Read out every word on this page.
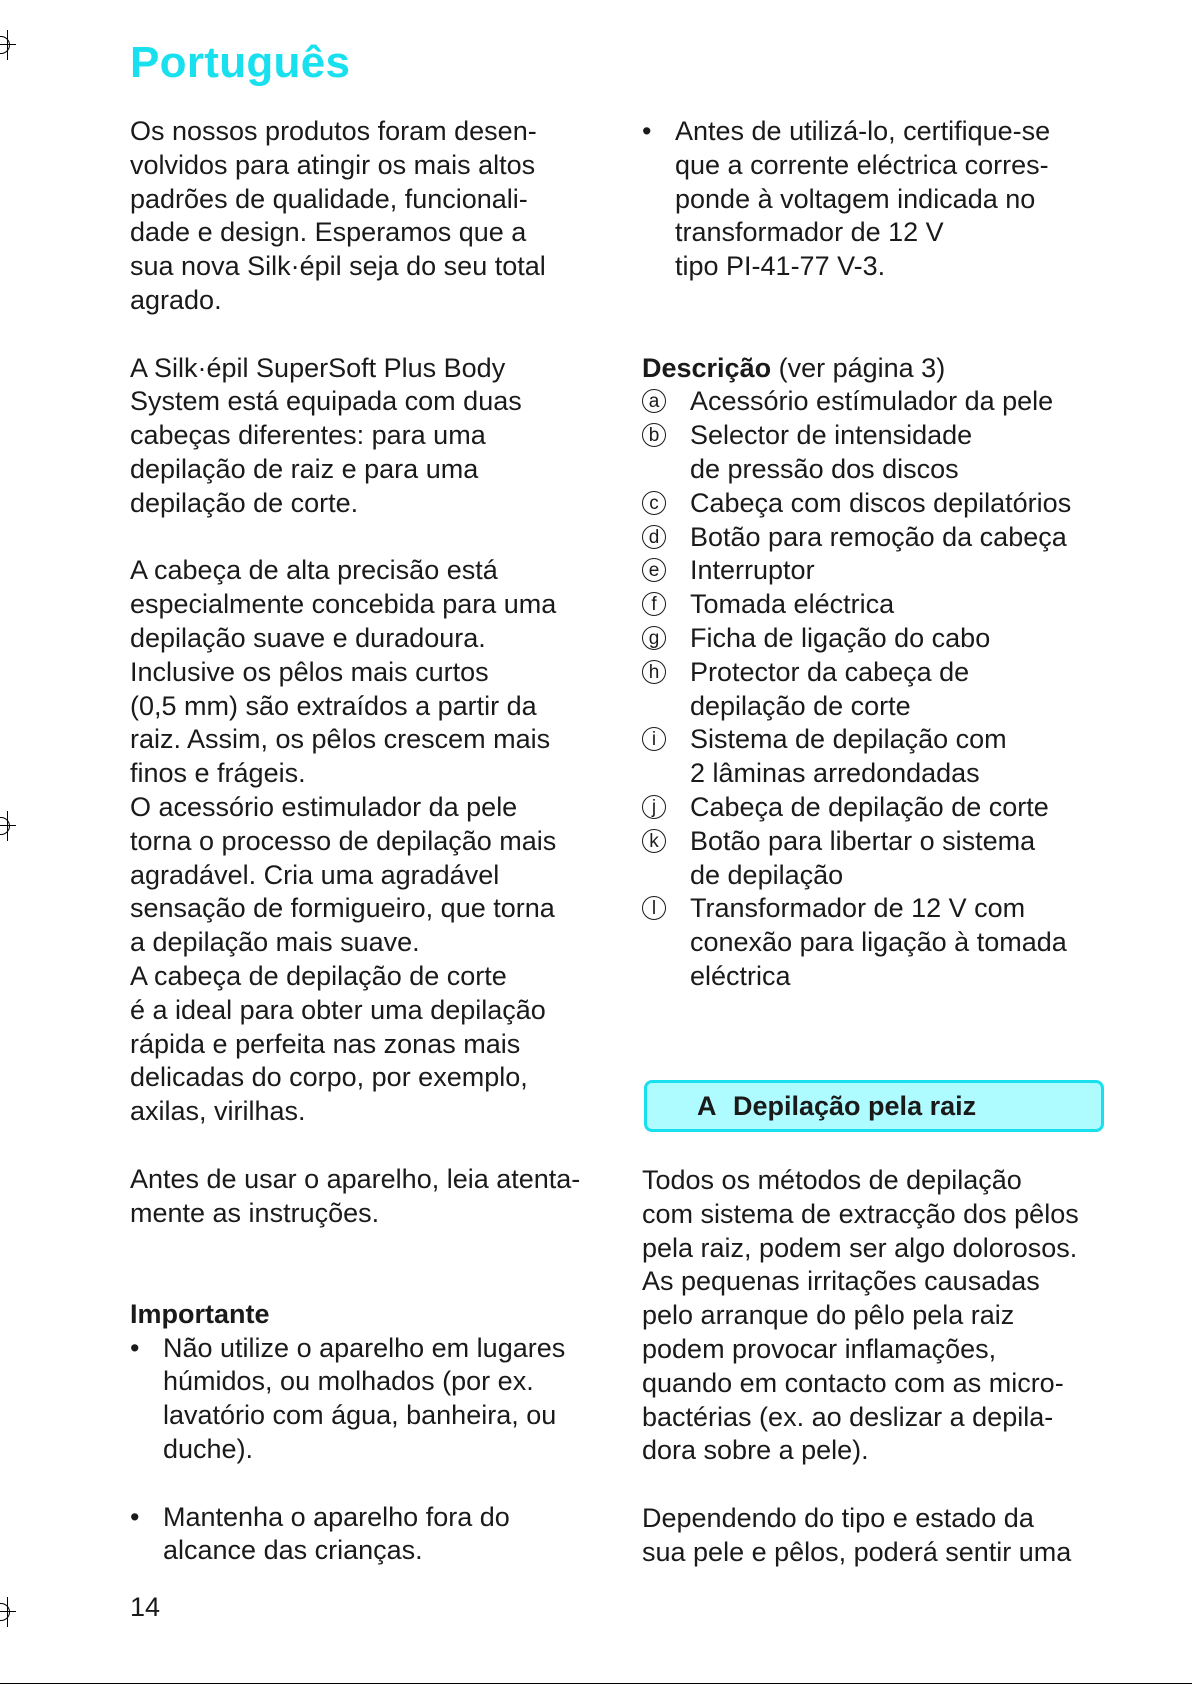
Português

Os nossos produtos foram desen-

volvidos para atingir os mais altos

padrões de qualidade, funcionali-

dade e design. Esperamos que a

sua nova Silk·épil seja do seu total

agrado.

A Silk·épil SuperSoft Plus Body

System está equipada com duas

cabeças diferentes: para uma

depilação de raiz e para uma

depilação de corte.

A cabeça de alta precisão está

especialmente concebida para uma

depilação suave e duradoura.

Inclusive os pêlos mais curtos

(0,5 mm) são extraídos a partir da

raiz. Assim, os pêlos crescem mais

finos e frágeis.

O acessório estimulador da pele

torna o processo de depilação mais

agradável. Cria uma agradável

sensação de formigueiro, que torna

a depilação mais suave.

A cabeça de depilação de corte

é a ideal para obter uma depilação

rápida e perfeita nas zonas mais

delicadas do corpo, por exemplo,

axilas, virilhas.

Antes de usar o aparelho, leia atenta-

mente as instruções.

Importante

• Não utilize o aparelho em lugares

húmidos, ou molhados (por ex.

lavatório com água, banheira, ou

duche).

• Mantenha o aparelho fora do

alcance das crianças.

• Antes de utilizá-lo, certifique-se

que a corrente eléctrica corres-

ponde à voltagem indicada no

transformador de 12 V

tipo PI-41-77 V-3.

Descrição (ver página 3)

a Acessório estímulador da pele

b Selector de intensidade

de pressão dos discos

c Cabeça com discos depilatórios

d Botão para remoção da cabeça

e Interruptor

f	Tomada eléctrica

g Ficha de ligação do cabo

h Protector da cabeça de

depilação de corte

i	Sistema de depilação com

2 lâminas arredondadas

j	Cabeça de depilação de corte

k Botão para libertar o sistema

de depilação

l	Transformador de 12 V com

conexão para ligação à tomada

eléctrica

A Depilação pela raiz

Todos os métodos de depilação

com sistema de extracção dos pêlos

pela raiz, podem ser algo dolorosos.

As pequenas irritações causadas

pelo arranque do pêlo pela raiz

podem provocar inflamações,

quando em contacto com as micro-

bactérias (ex. ao deslizar a depila-

dora sobre a pele).

Dependendo do tipo e estado da

sua pele e pêlos, poderá sentir uma

14
